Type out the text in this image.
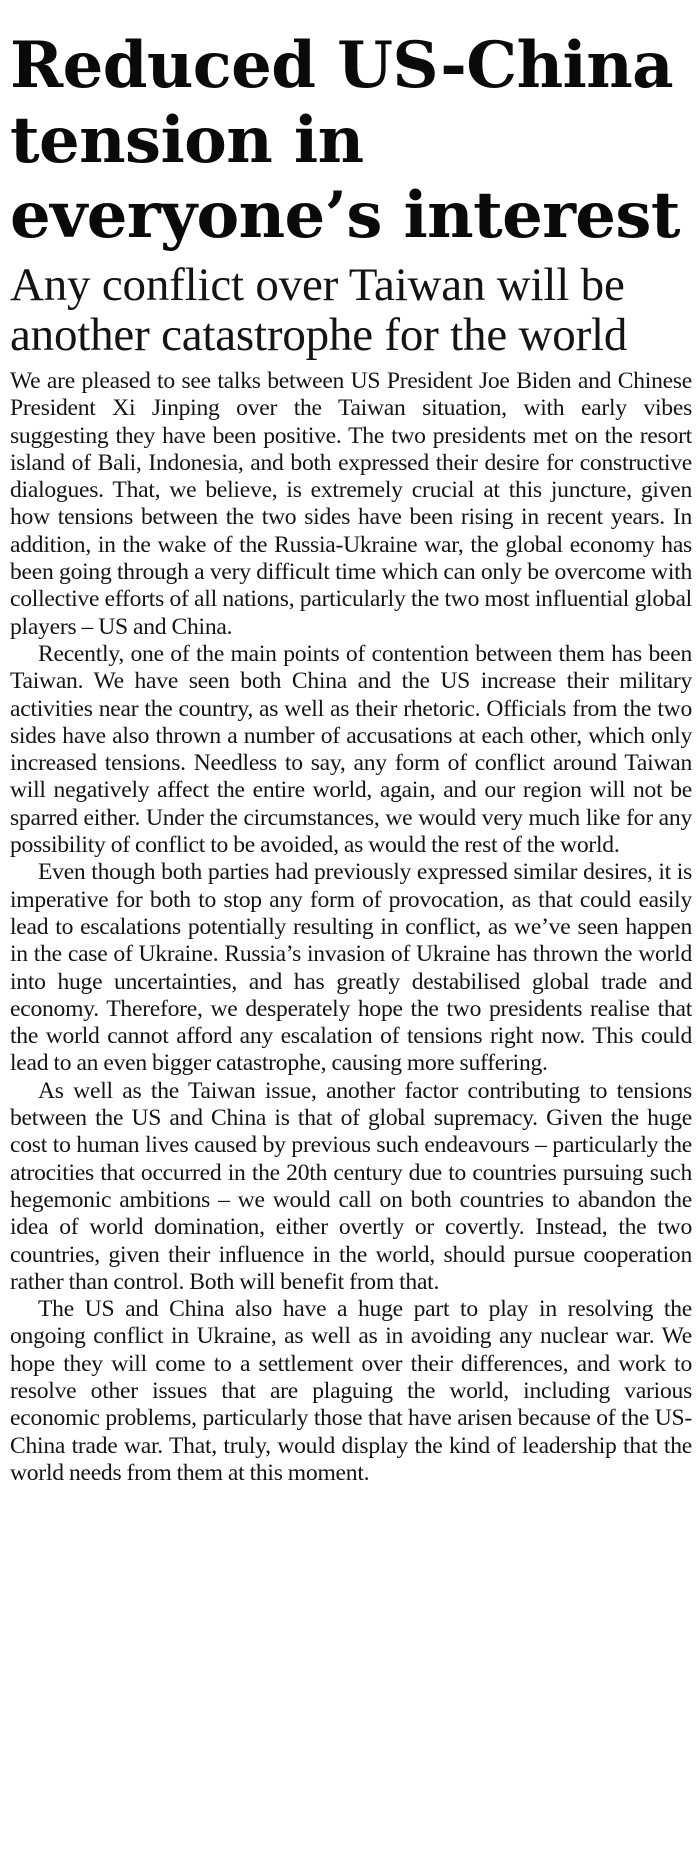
Reduced US-China tension in everyone’s interest
Any conflict over Taiwan will be another catastrophe for the world

We are pleased to see talks between US President Joe Biden and Chinese President Xi Jinping over the Taiwan situation, with early vibes suggesting they have been positive. The two presidents met on the resort island of Bali, Indonesia, and both expressed their desire for constructive dialogues. That, we believe, is extremely crucial at this juncture, given how tensions between the two sides have been rising in recent years. In addition, in the wake of the Russia-Ukraine war, the global economy has been going through a very difficult time which can only be overcome with collective efforts of all nations, particularly the two most influential global players – US and China.

Recently, one of the main points of contention between them has been Taiwan. We have seen both China and the US increase their military activities near the country, as well as their rhetoric. Officials from the two sides have also thrown a number of accusations at each other, which only increased tensions. Needless to say, any form of conflict around Taiwan will negatively affect the entire world, again, and our region will not be sparred either. Under the circumstances, we would very much like for any possibility of conflict to be avoided, as would the rest of the world.

Even though both parties had previously expressed similar desires, it is imperative for both to stop any form of provocation, as that could easily lead to escalations potentially resulting in conflict, as we’ve seen happen in the case of Ukraine. Russia’s invasion of Ukraine has thrown the world into huge uncertainties, and has greatly destabilised global trade and economy. Therefore, we desperately hope the two presidents realise that the world cannot afford any escalation of tensions right now. This could lead to an even bigger catastrophe, causing more suffering.

As well as the Taiwan issue, another factor contributing to tensions between the US and China is that of global supremacy. Given the huge cost to human lives caused by previous such endeavours – particularly the atrocities that occurred in the 20th century due to countries pursuing such hegemonic ambitions – we would call on both countries to abandon the idea of world domination, either overtly or covertly. Instead, the two countries, given their influence in the world, should pursue cooperation rather than control. Both will benefit from that.

The US and China also have a huge part to play in resolving the ongoing conflict in Ukraine, as well as in avoiding any nuclear war. We hope they will come to a settlement over their differences, and work to resolve other issues that are plaguing the world, including various economic problems, particularly those that have arisen because of the US-China trade war. That, truly, would display the kind of leadership that the world needs from them at this moment.
